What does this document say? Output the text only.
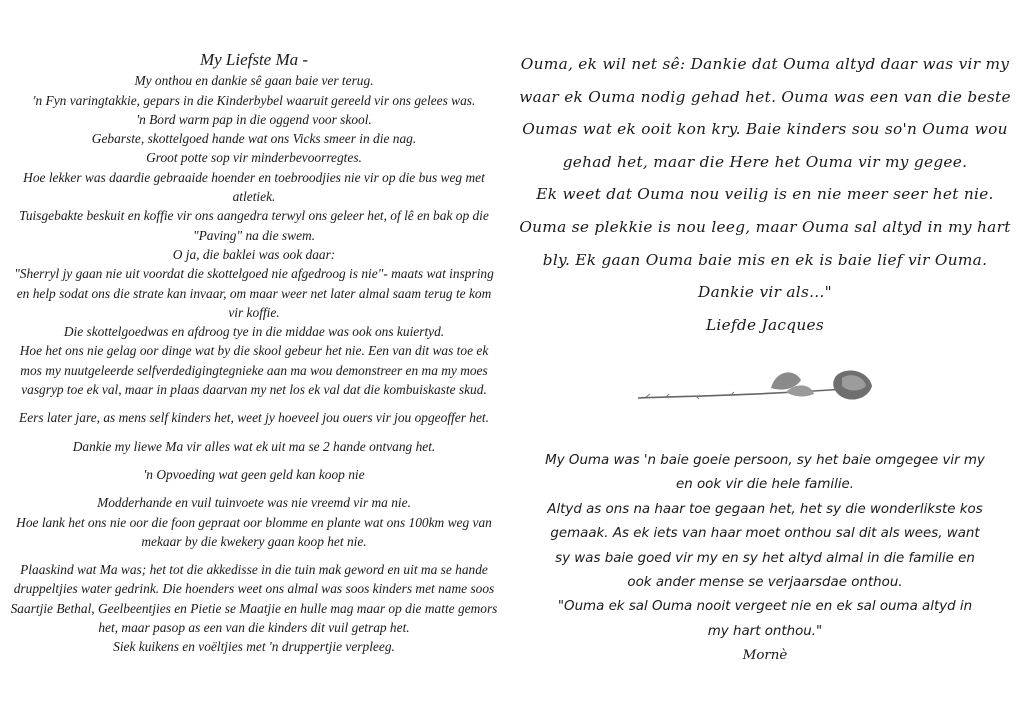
My Liefste Ma -

My onthou en dankie sê gaan baie ver terug.

'n Fyn varingtakkie, gepars in die Kinderbybel waaruit gereeld vir ons gelees was.

'n Bord warm pap in die oggend voor skool.

Gebarste, skottelgoed hande wat ons Vicks smeer in die nag.

Groot potte sop vir minderbevoorregtes.

Hoe lekker was daardie gebraaide hoender en toebroodjies nie vir op die bus weg met atletiek.

Tuisgebakte beskuit en koffie vir ons aangedra terwyl ons geleer het, of lê en bak op die "Paving" na die swem.

O ja, die baklei was ook daar:

"Sherryl jy gaan nie uit voordat die skottelgoed nie afgedroog is nie"- maats wat inspring en help sodat ons die strate kan invaar, om maar weer net later almal saam terug te kom vir koffie.

Die skottelgoedwas en afdroog tye in die middae was ook ons kuiertyd.

Hoe het ons nie gelag oor dinge wat by die skool gebeur het nie. Een van dit was toe ek mos my nuutgeleerde selfverdedigingtegnieke aan ma wou demonstreer en ma my moes vasgryp toe ek val, maar in plaas daarvan my net los ek val dat die kombuiskaste skud.

Eers later jare, as mens self kinders het, weet jy hoeveel jou ouers vir jou opgeoffer het.

Dankie my liewe Ma vir alles wat ek uit ma se 2 hande ontvang het.

'n Opvoeding wat geen geld kan koop nie

Modderhande en vuil tuinvoete was nie vreemd vir ma nie.

Hoe lank het ons nie oor die foon gepraat oor blomme en plante wat ons 100km weg van mekaar by die kwekery gaan koop het nie.

Plaaskind wat Ma was; het tot die akkedisse in die tuin mak geword en uit ma se hande druppeltjies water gedrink. Die hoenders weet ons almal was soos kinders met name soos Saartjie Bethal, Geelbeentjies en Pietie se Maatjie en hulle mag maar op die matte gemors het, maar pasop as een van die kinders dit vuil getrap het.

Siek kuikens en voëltjies met 'n druppertjie verpleeg.

Ouma, ek wil net sê: Dankie dat Ouma altyd daar was vir my

waar ek Ouma nodig gehad het. Ouma was een van die beste

Oumas wat ek ooit kon kry. Baie kinders sou so'n Ouma wou

gehad het, maar die Here het Ouma vir my gegee.

Ek weet dat Ouma nou veilig is en nie meer seer het nie.

Ouma se plekkie is nou leeg, maar Ouma sal altyd in my hart

bly. Ek gaan Ouma baie mis en ek is baie lief vir Ouma.

Dankie vir als..."

Liefde Jacques

My Ouma was 'n baie goeie persoon, sy het baie omgegee vir my

en ook vir die hele familie.

Altyd as ons na haar toe gegaan het, het sy die wonderlikste kos

gemaak. As ek iets van haar moet onthou sal dit als wees, want

sy was baie goed vir my en sy het altyd almal in die familie en

ook ander mense se verjaarsdae onthou.

"Ouma ek sal Ouma nooit vergeet nie en ek sal ouma altyd in

my hart onthou."

Mornè
